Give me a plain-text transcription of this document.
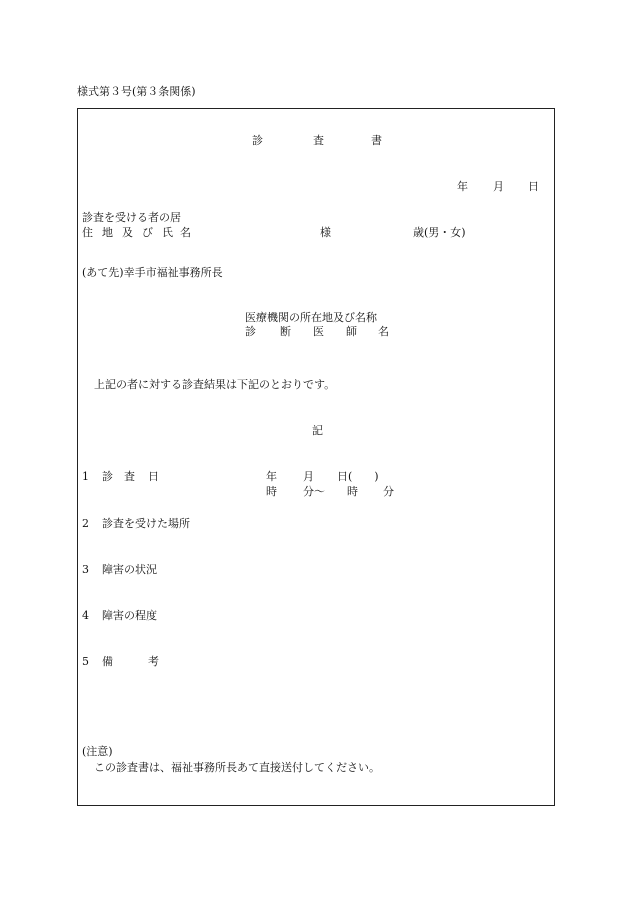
様式第３号(第３条関係)
診	査	書
年 月 日
診査を受ける者の居
住 地 及 び 氏 名	様	歳(男・女)
(あて先)幸手市福祉事務所長
医療機関の所在地及び名称
診 断 医 師 名
上記の者に対する診査結果は下記のとおりです。
記
1 診 査 日	年 月 日(　　)
時 分～ 時 分
2 診査を受けた場所
3 障害の状況
4 障害の程度
5 備	考
(注意)
この診査書は、福祉事務所長あて直接送付してください。
